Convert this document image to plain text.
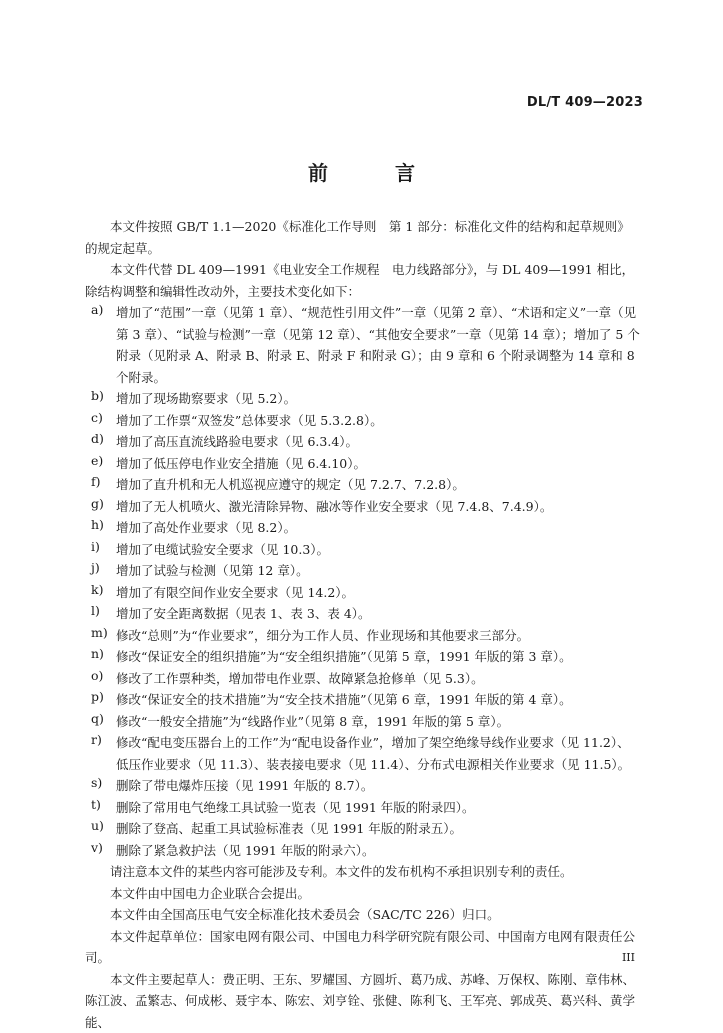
DL/T 409—2023
前 言

本文件按照 GB/T 1.1—2020《标准化工作导则　第 1 部分：标准化文件的结构和起草规则》的规定起草。

本文件代替 DL 409—1991《电业安全工作规程　电力线路部分》，与 DL 409—1991 相比，除结构调整和编辑性改动外，主要技术变化如下：

a)	增加了“范围”一章（见第 1 章）、“规范性引用文件”一章（见第 2 章）、“术语和定义”一章（见第 3 章）、“试验与检测”一章（见第 12 章）、“其他安全要求”一章（见第 14 章）；增加了 5 个附录（见附录 A、附录 B、附录 E、附录 F 和附录 G）；由 9 章和 6 个附录调整为 14 章和 8 个附录。
b) 增加了现场勘察要求（见 5.2）。
c)	增加了工作票“双签发”总体要求（见 5.3.2.8）。
d) 增加了高压直流线路验电要求（见 6.3.4）。
e)	增加了低压停电作业安全措施（见 6.4.10）。
f)	增加了直升机和无人机巡视应遵守的规定（见 7.2.7、7.2.8）。
g) 增加了无人机喷火、激光清除异物、融冰等作业安全要求（见 7.4.8、7.4.9）。
h) 增加了高处作业要求（见 8.2）。
i)	增加了电缆试验安全要求（见 10.3）。
j)	增加了试验与检测（见第 12 章）。
k)	增加了有限空间作业安全要求（见 14.2）。
l)	增加了安全距离数据（见表 1、表 3、表 4）。
m) 修改“总则”为“作业要求”，细分为工作人员、作业现场和其他要求三部分。
n) 修改“保证安全的组织措施”为“安全组织措施”（见第 5 章，1991 年版的第 3 章）。
o)	修改了工作票种类，增加带电作业票、故障紧急抢修单（见 5.3）。
p) 修改“保证安全的技术措施”为“安全技术措施”（见第 6 章，1991 年版的第 4 章）。
q) 修改“一般安全措施”为“线路作业”（见第 8 章，1991 年版的第 5 章）。
r)	修改“配电变压器台上的工作”为“配电设备作业”，增加了架空绝缘导线作业要求（见 11.2）、低压作业要求（见 11.3）、装表接电要求（见 11.4）、分布式电源相关作业要求（见 11.5）。
s)	删除了带电爆炸压接（见 1991 年版的 8.7）。
t)	删除了常用电气绝缘工具试验一览表（见 1991 年版的附录四）。
u) 删除了登高、起重工具试验标准表（见 1991 年版的附录五）。
v)	删除了紧急救护法（见 1991 年版的附录六）。

请注意本文件的某些内容可能涉及专利。本文件的发布机构不承担识别专利的责任。

本文件由中国电力企业联合会提出。

本文件由全国高压电气安全标准化技术委员会（SAC/TC 226）归口。

本文件起草单位：国家电网有限公司、中国电力科学研究院有限公司、中国南方电网有限责任公司。

本文件主要起草人：费正明、王东、罗耀国、方圆圻、葛乃成、苏峰、万保权、陈刚、章伟林、陈江波、孟繁志、何成彬、聂宇本、陈宏、刘亨铨、张健、陈利飞、王军亮、郭成英、葛兴科、黄学能、

III
